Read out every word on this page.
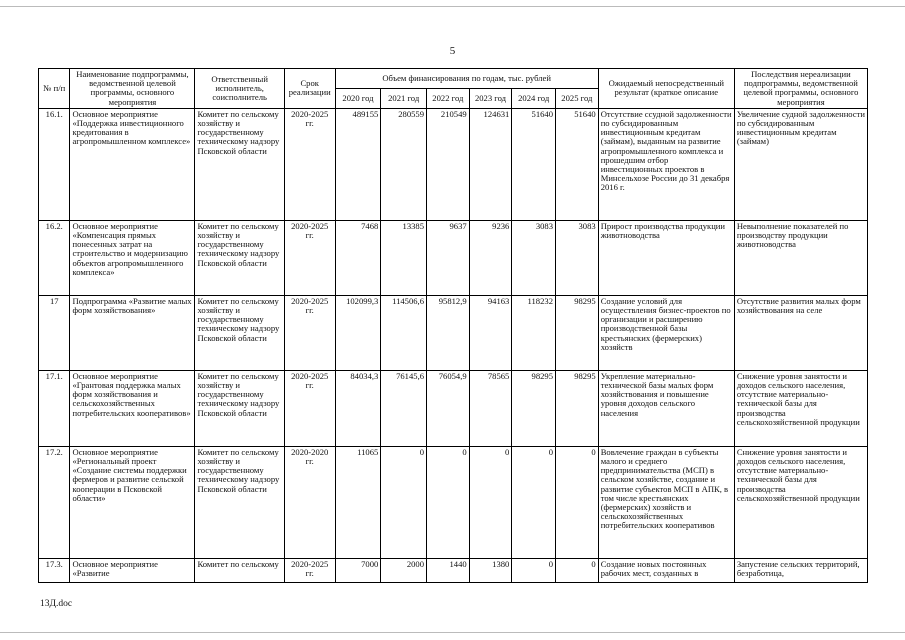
5
№ п/п	Наименование подпрограммы, ведомственной целевой программы, основного мероприятия	Ответственный исполнитель, соисполнитель	Срок реализации	Объем финансирования по годам, тыс. рублей						Ожидаемый непосредственный результат (краткое описание	Последствия нереализации подпрограммы, ведомственной целевой программы, основного мероприятия
				2020 год	2021 год	2022 год	2023 год	2024 год	2025 год		
16.1.	Основное мероприятие «Поддержка инвестиционного кредитования в агропромышленном комплексе»	Комитет по сельскому хозяйству и государственному техническому надзору Псковской области	2020-2025 гг.	489155	280559	210549	124631	51640	51640	Отсутствие ссудной задолженности по субсидированным инвестиционным кредитам (займам), выданным на развитие агропромышленного комплекса и прошедшим отбор инвестиционных проектов в Минсельхозе России до 31 декабря 2016 г.	Увеличение судной задолженности по субсидированным инвестиционным кредитам (займам)
16.2.	Основное мероприятие «Компенсация прямых понесенных затрат на строительство и модернизацию объектов агропромышленного комплекса»	Комитет по сельскому хозяйству и государственному техническому надзору Псковской области	2020-2025 гг.	7468	13385	9637	9236	3083	3083	Прирост производства продукции животноводства	Невыполнение показателей по производству продукции животноводства
17	Подпрограмма «Развитие малых форм хозяйствования»	Комитет по сельскому хозяйству и государственному техническому надзору Псковской области	2020-2025 гг.	102099,3	114506,6	95812,9	94163	118232	98295	Создание условий для осуществления бизнес-проектов по организации и расширению производственной базы крестьянских (фермерских) хозяйств	Отсутствие развития малых форм хозяйствования на селе
17.1.	Основное мероприятие «Грантовая поддержка малых форм хозяйствования и сельскохозяйственных потребительских кооперативов»	Комитет по сельскому хозяйству и государственному техническому надзору Псковской области	2020-2025 гг.	84034,3	76145,6	76054,9	78565	98295	98295	Укрепление материально-технической базы малых форм хозяйствования и повышение уровня доходов сельского населения	Снижение уровня занятости и доходов сельского населения, отсутствие материально-технической базы для производства сельскохозяйственной продукции
17.2.	Основное мероприятие «Региональный проект «Создание системы поддержки фермеров и развитие сельской кооперации в Псковской области»	Комитет по сельскому хозяйству и государственному техническому надзору Псковской области	2020-2020 гг.	11065	0	0	0	0	0	Вовлечение граждан в субъекты малого и среднего предпринимательства (МСП) в сельском хозяйстве, создание и развитие субъектов МСП в АПК, в том числе крестьянских (фермерских) хозяйств и сельскохозяйственных потребительских кооперативов	Снижение уровня занятости и доходов сельского населения, отсутствие материально-технической базы для производства сельскохозяйственной продукции
17.3.	Основное мероприятие «Развитие	Комитет по сельскому	2020-2025 гг.	7000	2000	1440	1380	0	0	Создание новых постоянных рабочих мест, созданных в	Запустение сельских территорий, безработица,
13Д.doc
